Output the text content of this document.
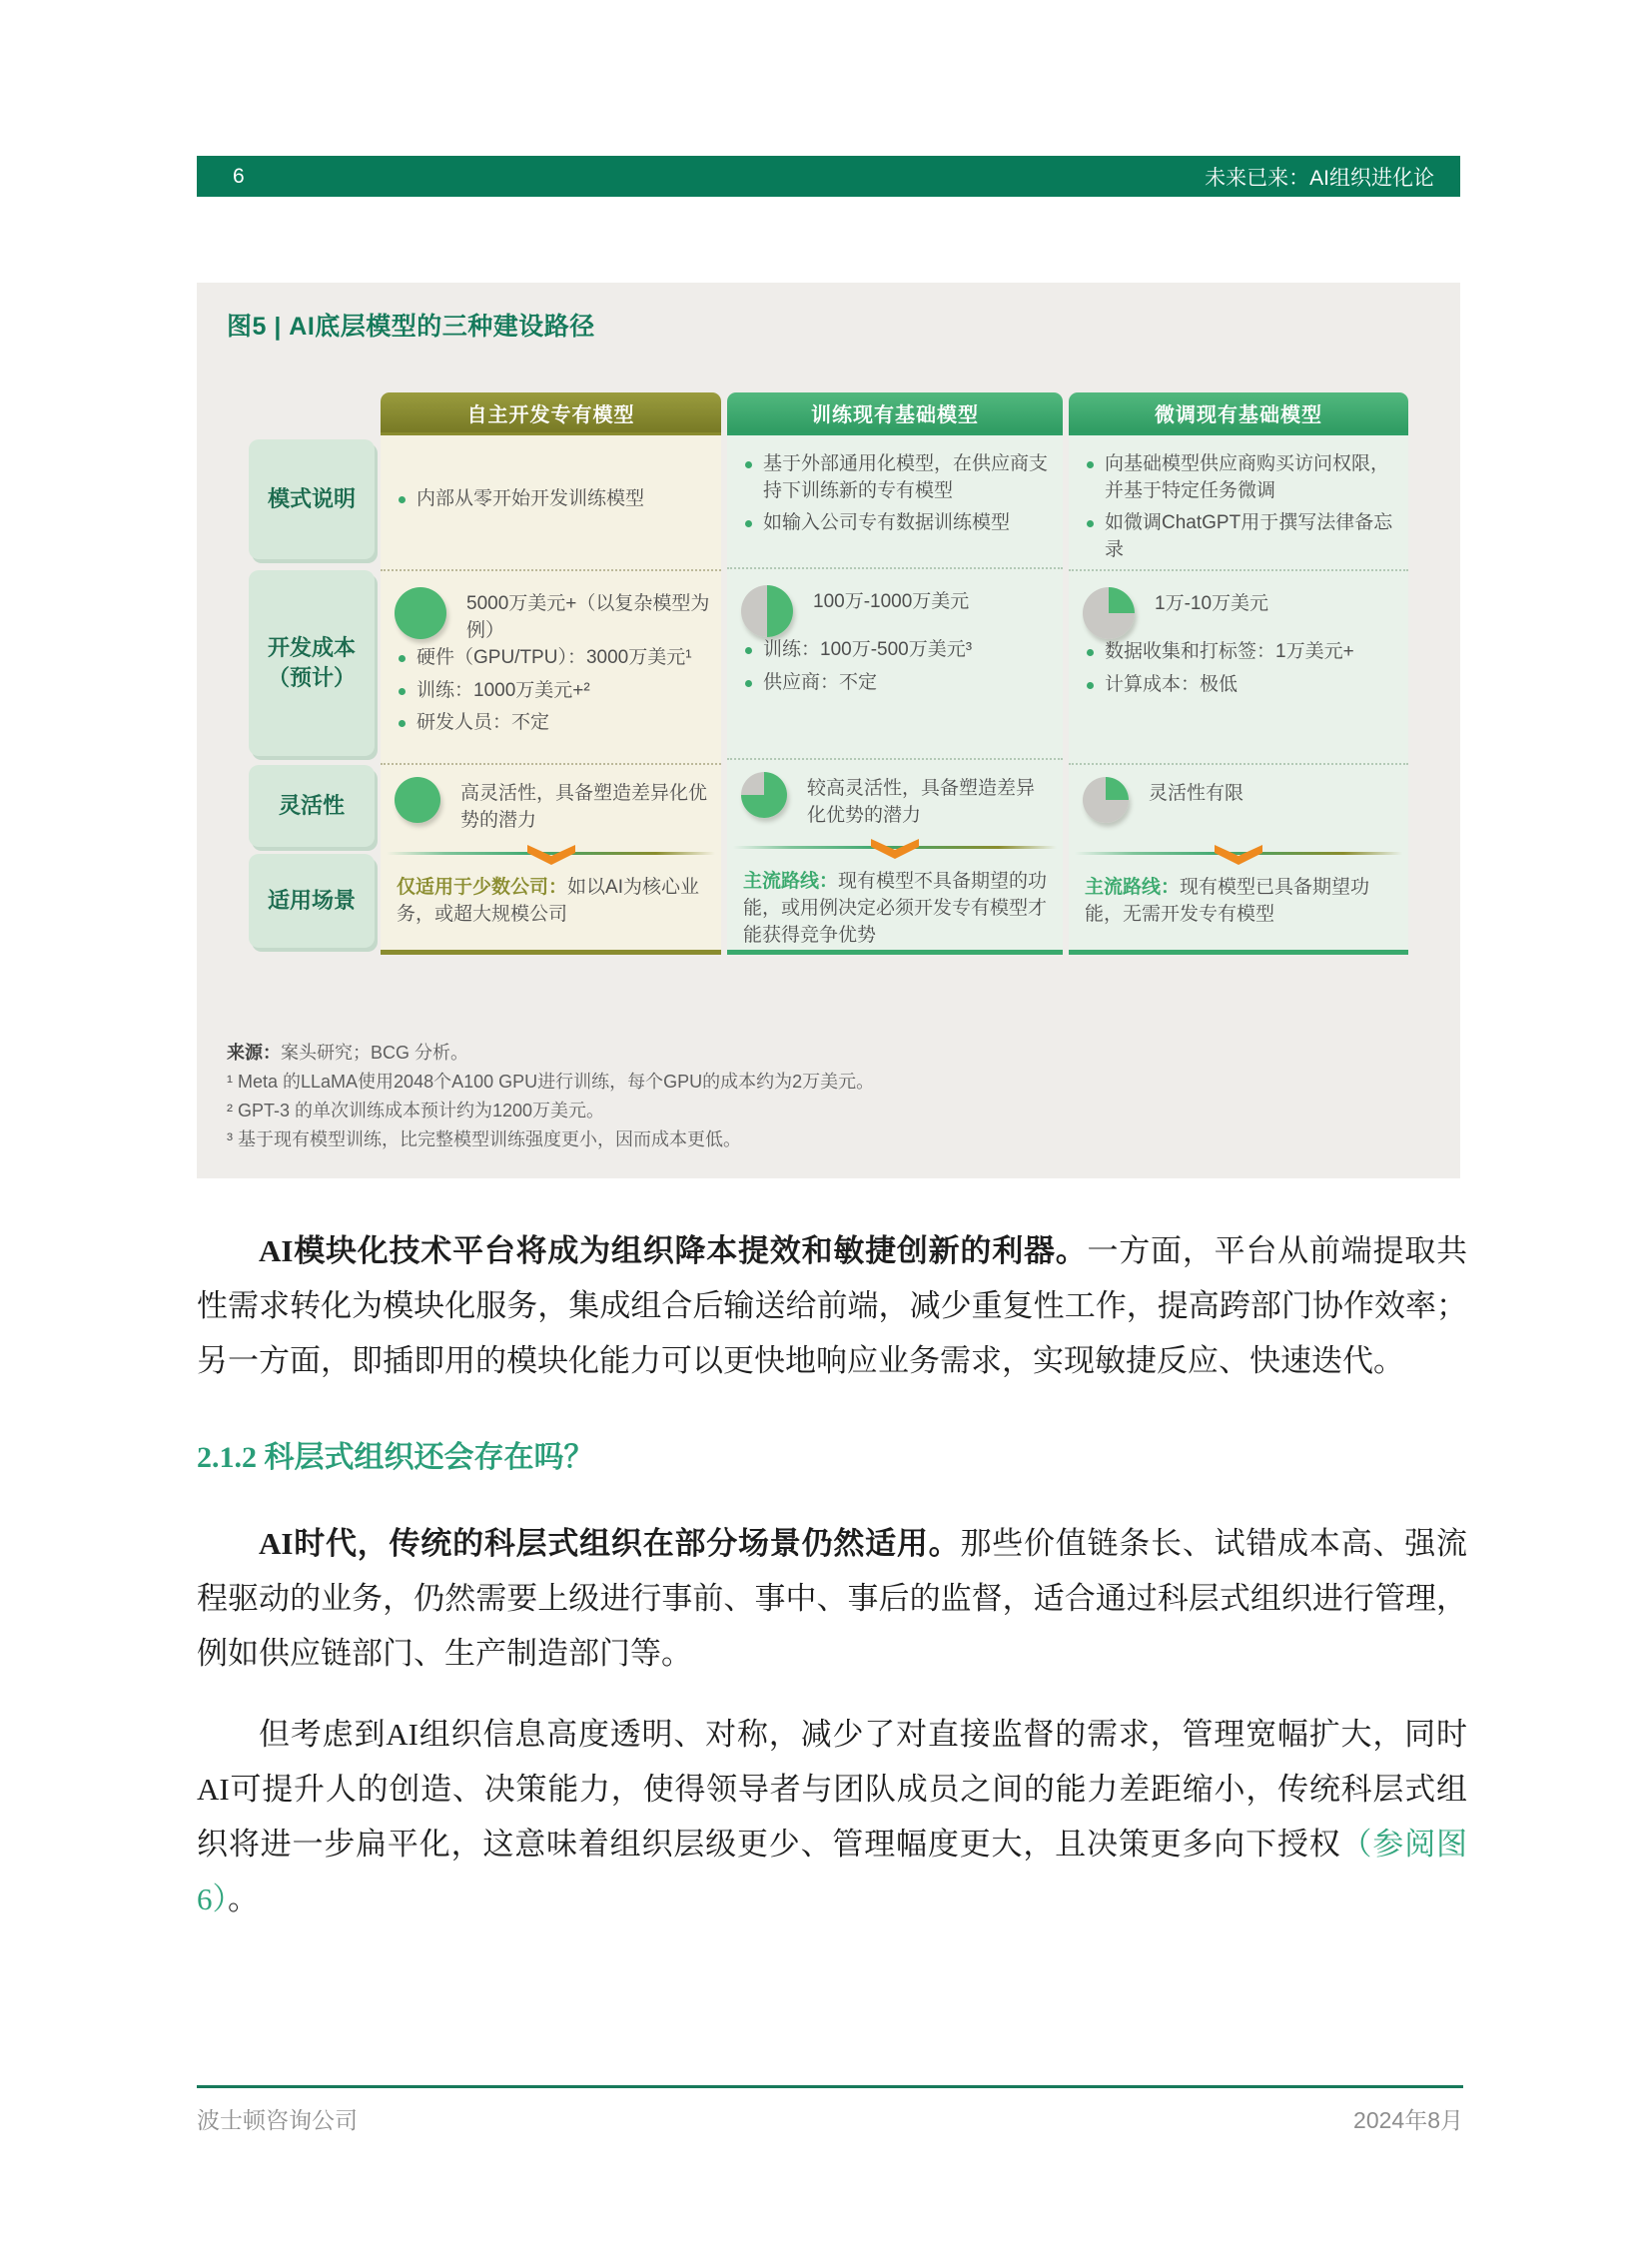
6	未来已来：AI组织进化论
图5 | AI底层模型的三种建设路径
模式说明
开发成本
（预计）
灵活性
适用场景
自主开发专有模型
内部从零开始开发训练模型
5000万美元+（以复杂模型为例）
硬件（GPU/TPU）：3000万美元¹
训练：1000万美元+²
研发人员：不定
高灵活性，具备塑造差异化优势的潜力
仅适用于少数公司：如以AI为核心业务，或超大规模公司
训练现有基础模型
基于外部通用化模型，在供应商支持下训练新的专有模型
如输入公司专有数据训练模型
100万-1000万美元
训练：100万-500万美元³
供应商：不定
较高灵活性，具备塑造差异化优势的潜力
主流路线：现有模型不具备期望的功能，或用例决定必须开发专有模型才能获得竞争优势
微调现有基础模型
向基础模型供应商购买访问权限，并基于特定任务微调
如微调ChatGPT用于撰写法律备忘录
1万-10万美元
数据收集和打标签：1万美元+
计算成本：极低
灵活性有限
主流路线：现有模型已具备期望功能，无需开发专有模型
来源：案头研究；BCG 分析。
¹ Meta 的LLaMA使用2048个A100 GPU进行训练，每个GPU的成本约为2万美元。
² GPT-3 的单次训练成本预计约为1200万美元。
³ 基于现有模型训练，比完整模型训练强度更小，因而成本更低。

AI模块化技术平台将成为组织降本提效和敏捷创新的利器。一方面，平台从前端提取共性需求转化为模块化服务，集成组合后输送给前端，减少重复性工作，提高跨部门协作效率；另一方面，即插即用的模块化能力可以更快地响应业务需求，实现敏捷反应、快速迭代。

2.1.2 科层式组织还会存在吗？

AI时代，传统的科层式组织在部分场景仍然适用。那些价值链条长、试错成本高、强流程驱动的业务，仍然需要上级进行事前、事中、事后的监督，适合通过科层式组织进行管理，例如供应链部门、生产制造部门等。

但考虑到AI组织信息高度透明、对称，减少了对直接监督的需求，管理宽幅扩大，同时AI可提升人的创造、决策能力，使得领导者与团队成员之间的能力差距缩小，传统科层式组织将进一步扁平化，这意味着组织层级更少、管理幅度更大，且决策更多向下授权（参阅图6）。

波士顿咨询公司	2024年8月
